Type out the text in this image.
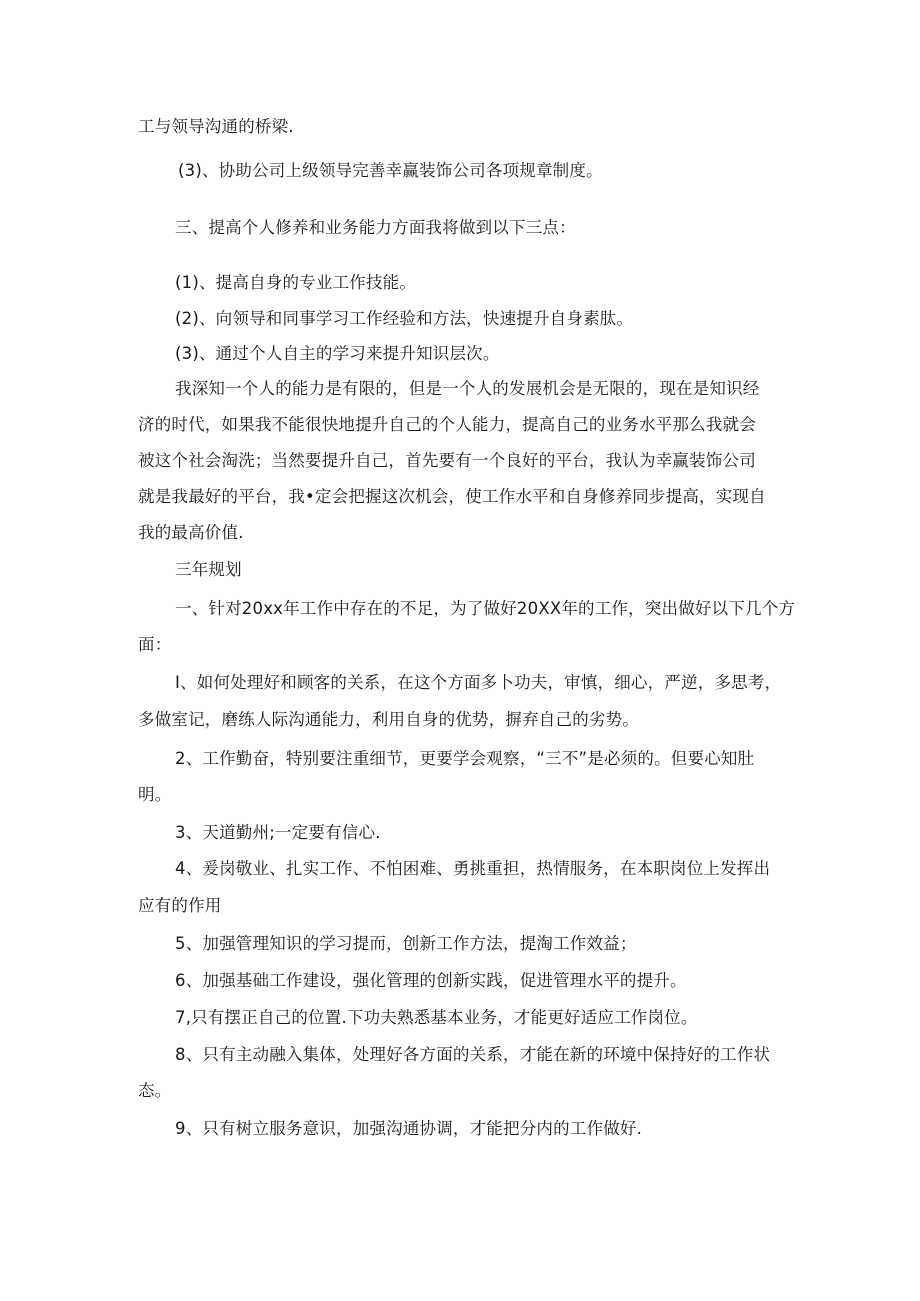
工与领导沟通的桥梁.
(3)、协助公司上级领导完善幸赢装饰公司各项规章制度。
三、提高个人修养和业务能力方面我将做到以下三点：
(1)、提高自身的专业工作技能。
(2)、向领导和同事学习工作经验和方法，快速提升自身素肽。
(3)、通过个人自主的学习来提升知识层次。
我深知一个人的能力是有限的，但是一个人的发展机会是无限的，现在是知识经
济的时代，如果我不能很快地提升自己的个人能力，提高自己的业务水平那么我就会
被这个社会淘洗；当然要提升自己，首先要有一个良好的平台，我认为幸赢装饰公司
就是我最好的平台，我•定会把握这次机会，使工作水平和自身修养同步提高，实现自
我的最高价值.
三年规划
一、针对20xx年工作中存在的不足，为了做好20XX年的工作，突出做好以下几个方
面：
I、如何处理好和顾客的关系，在这个方面多卜功夫，审慎，细心，严逆，多思考，
多做室记，磨练人际沟通能力，利用自身的优势，摒弃自己的劣势。
2、工作勤奋，特别要注重细节，更要学会观察，“三不”是必须的。但要心知肚
明。
3、天道勤州;一定要有信心.
4、爰岗敬业、扎实工作、不怕困难、勇挑重担，热情服务，在本职岗位上发挥出
应有的作用
5、加强管理知识的学习提而，创新工作方法，提淘工作效益；
6、加强基础工作建设，强化管理的创新实践，促进管理水平的提升。
7,只有摆正自己的位置.下功夫熟悉基本业务，才能更好适应工作岗位。
8、只有主动融入集体，处理好各方面的关系，才能在新的环境中保持好的工作状
态。
9、只有树立服务意识，加强沟通协调，才能把分内的工作做好.
